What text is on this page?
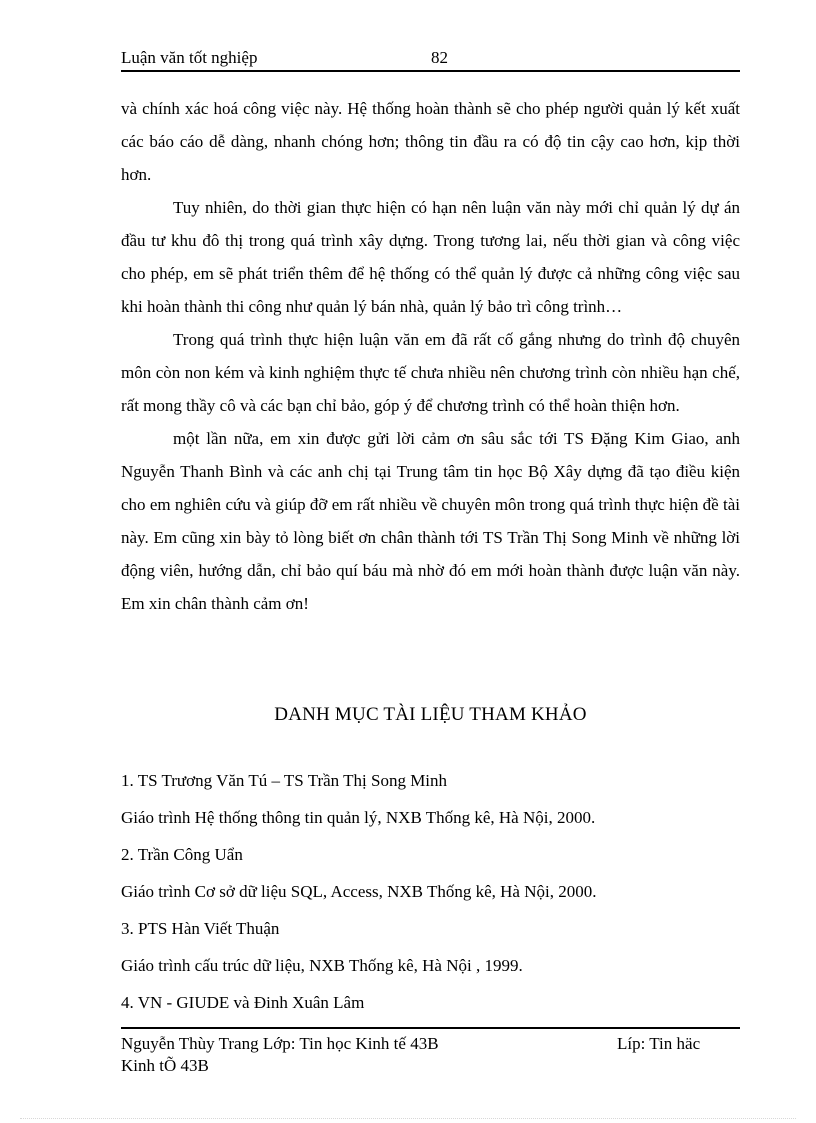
Luận văn tốt nghiệp	82

và chính xác hoá công việc này. Hệ thống hoàn thành sẽ cho phép người quản lý kết xuất các báo cáo dễ dàng, nhanh chóng hơn; thông tin đầu ra có độ tin cậy cao hơn, kịp thời hơn.

Tuy nhiên, do thời gian thực hiện có hạn nên luận văn này mới chỉ quản lý dự án đầu tư khu đô thị trong quá trình xây dựng. Trong tương lai, nếu thời gian và công việc cho phép, em sẽ phát triển thêm để hệ thống có thể quản lý được cả những công việc sau khi hoàn thành thi công như quản lý bán nhà, quản lý bảo trì công trình…

Trong quá trình thực hiện luận văn em đã rất cố gắng nhưng do trình độ chuyên môn còn non kém và kinh nghiệm thực tế chưa nhiều nên chương trình còn nhiều hạn chế, rất mong thầy cô và các bạn chỉ bảo, góp ý để chương trình có thể hoàn thiện hơn.

một lần nữa, em xin được gửi lời cảm ơn sâu sắc tới TS Đặng Kim Giao, anh Nguyễn Thanh Bình và các anh chị tại Trung tâm tin học Bộ Xây dựng đã tạo điều kiện cho em nghiên cứu và giúp đỡ em rất nhiều về chuyên môn trong quá trình thực hiện đề tài này. Em cũng xin bày tỏ lòng biết ơn chân thành tới TS Trần Thị Song Minh về những lời động viên, hướng dẫn, chỉ bảo quí báu mà nhờ đó em mới hoàn thành được luận văn này. Em xin chân thành cảm ơn!

DANH MỤC TÀI LIỆU THAM KHẢO

1. TS Trương Văn Tú – TS Trần Thị Song Minh

Giáo trình Hệ thống thông tin quản lý, NXB Thống kê, Hà Nội, 2000.

2. Trần Công Uẩn

Giáo trình Cơ sở dữ liệu SQL, Access, NXB Thống kê, Hà Nội, 2000.

3. PTS Hàn Viết Thuận

Giáo trình cấu trúc dữ liệu, NXB Thống kê, Hà Nội , 1999.

4. VN - GIUDE và Đinh Xuân Lâm

Nguyễn Thùy Trang Lớp: Tin học Kinh tế 43B	Líp: Tin häc
Kinh tÕ 43B
